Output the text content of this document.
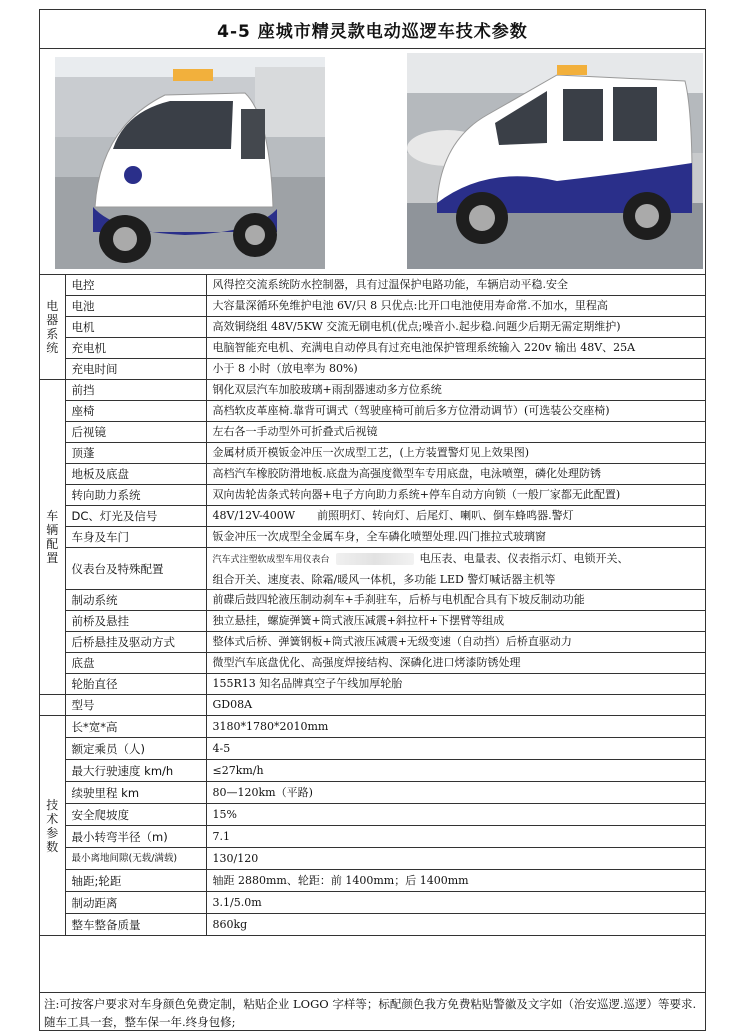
4-5 座城市精灵款电动巡逻车技术参数
电器系统	电控	风得控交流系统防水控制器，具有过温保护电路功能，车辆启动平稳.安全
	电池	大容量深循环免维护电池 6V/只 8 只优点:比开口电池使用寿命常.不加水，里程高
	电机	高效铜绕组 48V/5KW 交流无刷电机(优点;噪音小.起步稳.问题少后期无需定期维护)
	充电机	电脑智能充电机、充满电自动停具有过充电池保护管理系统输入 220v 输出 48V、25A
	充电时间	小于 8 小时（放电率为 80%)

车辆配置	前挡	钢化双层汽车加胶玻璃+雨刮器速动多方位系统
	座椅	高档软皮革座椅.靠背可调式（驾驶座椅可前后多方位滑动调节）(可选装公交座椅)
	后视镜	左右各一手动型外可折叠式后视镜
	顶蓬	金属材质开模钣金冲压一次成型工艺，(上方装置警灯见上效果图)
	地板及底盘	高档汽车橡胶防滑地板.底盘为高强度微型车专用底盘，电泳喷塑，磷化处理防锈
	转向助力系统	双向齿轮齿条式转向器+电子方向助力系统+停车自动方向锁（一般厂家都无此配置)
	DC、灯光及信号	48V/12V-400W　　前照明灯、转向灯、后尾灯、喇叭、倒车蜂鸣器.警灯
	车身及车门	钣金冲压一次成型全金属车身，全车磷化喷塑处理.四门推拉式玻璃窗
	仪表台及特殊配置	汽车式注塑软成型车用仪表台 电压表、电量表、仪表指示灯、电锁开关、
组合开关、速度表、除霜/暖风一体机，多功能 LED 警灯喊话器主机等
	制动系统	前碟后鼓四轮液压制动刹车+手刹驻车，后桥与电机配合具有下坡反制动功能
	前桥及悬挂	独立悬挂，螺旋弹簧+筒式液压减震+斜拉杆+下摆臂等组成
	后桥悬挂及驱动方式	整体式后桥、弹簧钢板+筒式液压减震+无级变速（自动挡）后桥直驱动力
	底盘	微型汽车底盘优化、高强度焊接结构、深磷化进口烤漆防锈处理
	轮胎直径	155R13 知名品牌真空子午线加厚轮胎
	型号	GD08A

技术参数	长*宽*高	3180*1780*2010mm
	额定乘员（人)	4-5
	最大行驶速度 km/h	≤27km/h
	续驶里程 km	80—120km（平路)
	安全爬坡度	15%
	最小转弯半径（m)	7.1
	最小离地间隙(无载/满载)	130/120
	轴距;轮距	轴距 2880mm、轮距：前 1400mm；后 1400mm
	制动距离	3.1/5.0m
	整车整备质量	860kg
注:可按客户要求对车身颜色免费定制，粘贴企业 LOGO 字样等；标配颜色我方免费粘贴警徽及文字如（治安巡逻.巡逻）等要求.随车工具一套，整车保一年.终身包修;
